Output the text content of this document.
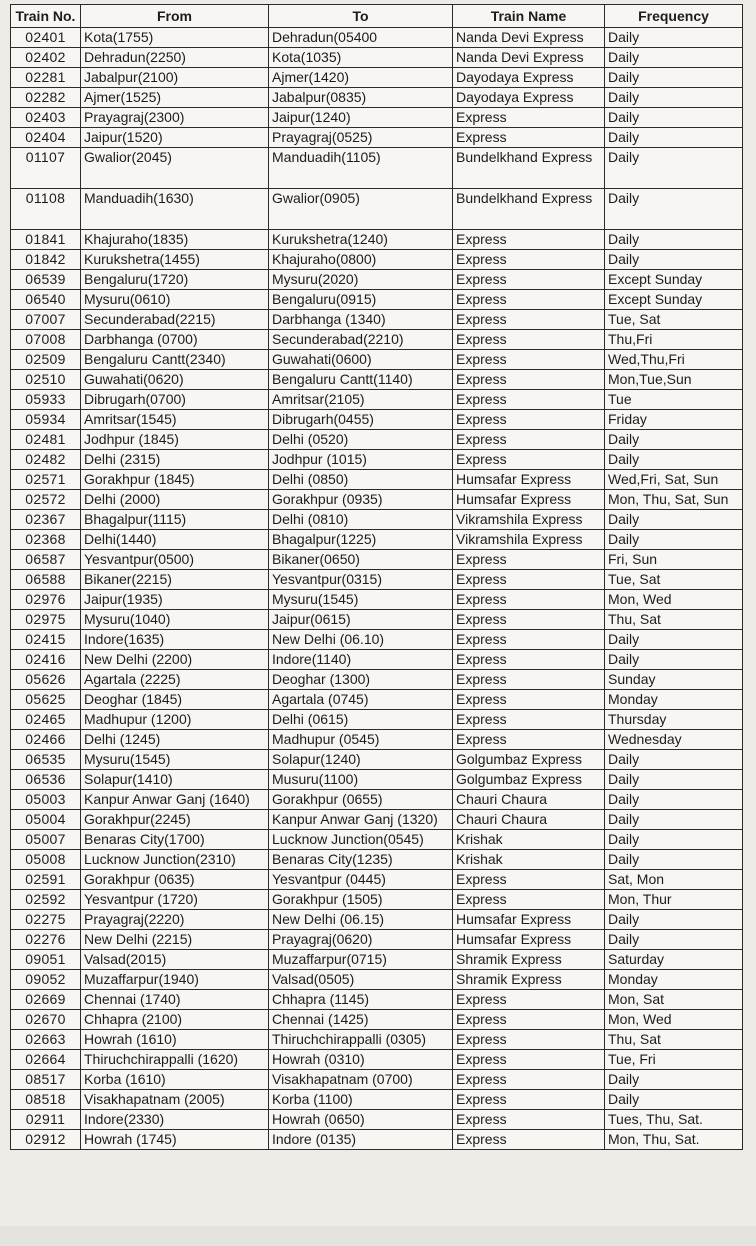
Train No.	From	To	Train Name	Frequency
02401	Kota(1755)	Dehradun(05400	Nanda Devi Express	Daily
02402	Dehradun(2250)	Kota(1035)	Nanda Devi Express	Daily
02281	Jabalpur(2100)	Ajmer(1420)	Dayodaya Express	Daily
02282	Ajmer(1525)	Jabalpur(0835)	Dayodaya Express	Daily
02403	Prayagraj(2300)	Jaipur(1240)	Express	Daily
02404	Jaipur(1520)	Prayagraj(0525)	Express	Daily
01107	Gwalior(2045)	Manduadih(1105)	Bundelkhand Express	Daily
01108	Manduadih(1630)	Gwalior(0905)	Bundelkhand Express	Daily
01841	Khajuraho(1835)	Kurukshetra(1240)	Express	Daily
01842	Kurukshetra(1455)	Khajuraho(0800)	Express	Daily
06539	Bengaluru(1720)	Mysuru(2020)	Express	Except Sunday
06540	Mysuru(0610)	Bengaluru(0915)	Express	Except Sunday
07007	Secunderabad(2215)	Darbhanga (1340)	Express	Tue, Sat
07008	Darbhanga (0700)	Secunderabad(2210)	Express	Thu,Fri
02509	Bengaluru Cantt(2340)	Guwahati(0600)	Express	Wed,Thu,Fri
02510	Guwahati(0620)	Bengaluru Cantt(1140)	Express	Mon,Tue,Sun
05933	Dibrugarh(0700)	Amritsar(2105)	Express	Tue
05934	Amritsar(1545)	Dibrugarh(0455)	Express	Friday
02481	Jodhpur (1845)	Delhi (0520)	Express	Daily
02482	Delhi (2315)	Jodhpur (1015)	Express	Daily
02571	Gorakhpur (1845)	Delhi (0850)	Humsafar Express	Wed,Fri, Sat, Sun
02572	Delhi (2000)	Gorakhpur (0935)	Humsafar Express	Mon, Thu, Sat, Sun
02367	Bhagalpur(1115)	Delhi (0810)	Vikramshila Express	Daily
02368	Delhi(1440)	Bhagalpur(1225)	Vikramshila Express	Daily
06587	Yesvantpur(0500)	Bikaner(0650)	Express	Fri, Sun
06588	Bikaner(2215)	Yesvantpur(0315)	Express	Tue, Sat
02976	Jaipur(1935)	Mysuru(1545)	Express	Mon, Wed
02975	Mysuru(1040)	Jaipur(0615)	Express	Thu, Sat
02415	Indore(1635)	New Delhi (06.10)	Express	Daily
02416	New Delhi (2200)	Indore(1140)	Express	Daily
05626	Agartala (2225)	Deoghar (1300)	Express	Sunday
05625	Deoghar (1845)	Agartala (0745)	Express	Monday
02465	Madhupur (1200)	Delhi (0615)	Express	Thursday
02466	Delhi (1245)	Madhupur (0545)	Express	Wednesday
06535	Mysuru(1545)	Solapur(1240)	Golgumbaz Express	Daily
06536	Solapur(1410)	Musuru(1100)	Golgumbaz Express	Daily
05003	Kanpur Anwar Ganj (1640)	Gorakhpur (0655)	Chauri Chaura	Daily
05004	Gorakhpur(2245)	Kanpur Anwar Ganj (1320)	Chauri Chaura	Daily
05007	Benaras City(1700)	Lucknow Junction(0545)	Krishak	Daily
05008	Lucknow Junction(2310)	Benaras City(1235)	Krishak	Daily
02591	Gorakhpur (0635)	Yesvantpur (0445)	Express	Sat, Mon
02592	Yesvantpur (1720)	Gorakhpur (1505)	Express	Mon, Thur
02275	Prayagraj(2220)	New Delhi (06.15)	Humsafar Express	Daily
02276	New Delhi (2215)	Prayagraj(0620)	Humsafar Express	Daily
09051	Valsad(2015)	Muzaffarpur(0715)	Shramik Express	Saturday
09052	Muzaffarpur(1940)	Valsad(0505)	Shramik Express	Monday
02669	Chennai (1740)	Chhapra (1145)	Express	Mon, Sat
02670	Chhapra (2100)	Chennai (1425)	Express	Mon, Wed
02663	Howrah (1610)	Thiruchchirappalli (0305)	Express	Thu, Sat
02664	Thiruchchirappalli (1620)	Howrah (0310)	Express	Tue, Fri
08517	Korba (1610)	Visakhapatnam (0700)	Express	Daily
08518	Visakhapatnam (2005)	Korba (1100)	Express	Daily
02911	Indore(2330)	Howrah (0650)	Express	Tues, Thu, Sat.
02912	Howrah (1745)	Indore (0135)	Express	Mon, Thu, Sat.
